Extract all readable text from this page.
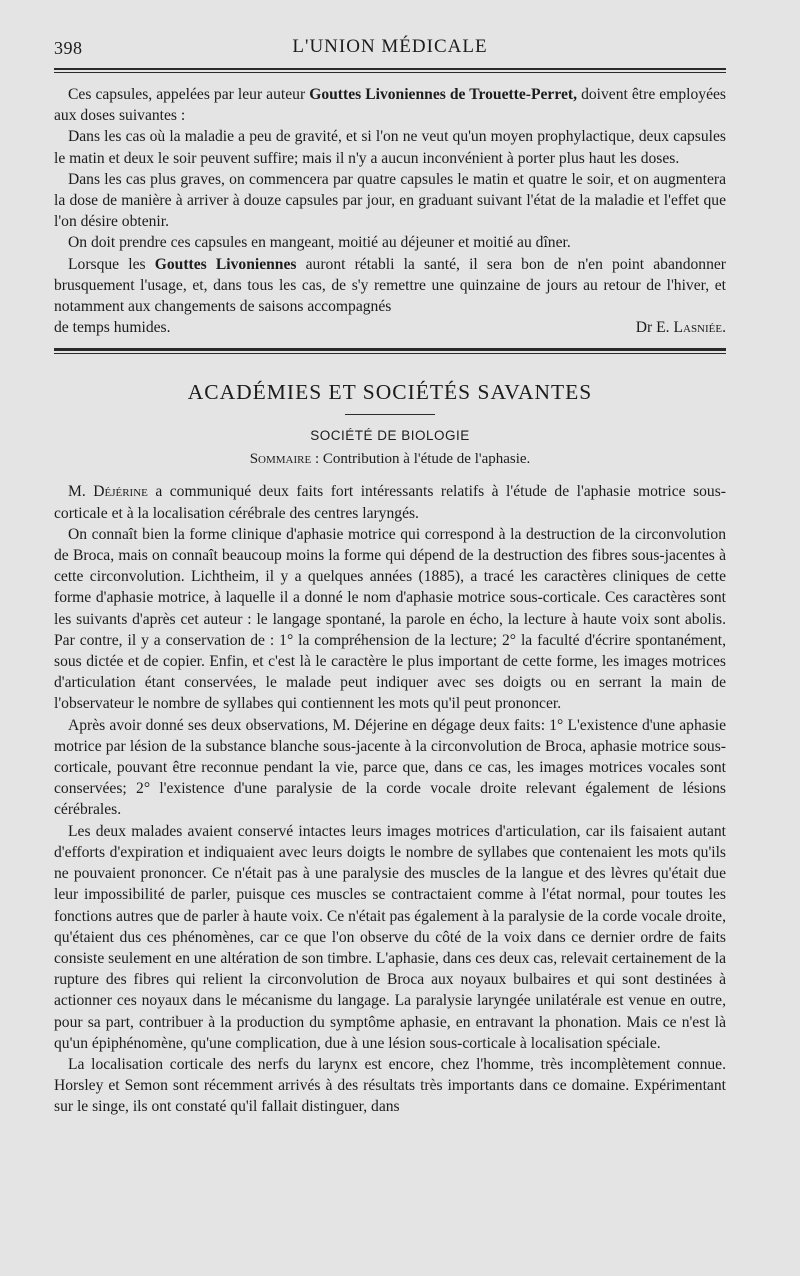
398	L'UNION MÉDICALE

Ces capsules, appelées par leur auteur Gouttes Livoniennes de Trouette-Perret, doivent être employées aux doses suivantes :

Dans les cas où la maladie a peu de gravité, et si l'on ne veut qu'un moyen prophylactique, deux capsules le matin et deux le soir peuvent suffire; mais il n'y a aucun inconvénient à porter plus haut les doses.

Dans les cas plus graves, on commencera par quatre capsules le matin et quatre le soir, et on augmentera la dose de manière à arriver à douze capsules par jour, en graduant suivant l'état de la maladie et l'effet que l'on désire obtenir.

On doit prendre ces capsules en mangeant, moitié au déjeuner et moitié au dîner.

Lorsque les Gouttes Livoniennes auront rétabli la santé, il sera bon de n'en point abandonner brusquement l'usage, et, dans tous les cas, de s'y remettre une quinzaine de jours au retour de l'hiver, et notamment aux changements de saisons accompagnés

de temps humides.	Dr E. Lasniée.
ACADÉMIES ET SOCIÉTÉS SAVANTES
SOCIÉTÉ DE BIOLOGIE
Sommaire : Contribution à l'étude de l'aphasie.

M. Déjérine a communiqué deux faits fort intéressants relatifs à l'étude de l'aphasie motrice sous-corticale et à la localisation cérébrale des centres laryngés.

On connaît bien la forme clinique d'aphasie motrice qui correspond à la destruction de la circonvolution de Broca, mais on connaît beaucoup moins la forme qui dépend de la destruction des fibres sous-jacentes à cette circonvolution. Lichtheim, il y a quelques années (1885), a tracé les caractères cliniques de cette forme d'aphasie motrice, à laquelle il a donné le nom d'aphasie motrice sous-corticale. Ces caractères sont les suivants d'après cet auteur : le langage spontané, la parole en écho, la lecture à haute voix sont abolis. Par contre, il y a conservation de : 1° la compréhension de la lecture; 2° la faculté d'écrire spontanément, sous dictée et de copier. Enfin, et c'est là le caractère le plus important de cette forme, les images motrices d'articulation étant conservées, le malade peut indiquer avec ses doigts ou en serrant la main de l'observateur le nombre de syllabes qui contiennent les mots qu'il peut prononcer.

Après avoir donné ses deux observations, M. Déjerine en dégage deux faits: 1° L'existence d'une aphasie motrice par lésion de la substance blanche sous-jacente à la circonvolution de Broca, aphasie motrice sous-corticale, pouvant être reconnue pendant la vie, parce que, dans ce cas, les images motrices vocales sont conservées; 2° l'existence d'une paralysie de la corde vocale droite relevant également de lésions cérébrales.

Les deux malades avaient conservé intactes leurs images motrices d'articulation, car ils faisaient autant d'efforts d'expiration et indiquaient avec leurs doigts le nombre de syllabes que contenaient les mots qu'ils ne pouvaient prononcer. Ce n'était pas à une paralysie des muscles de la langue et des lèvres qu'était due leur impossibilité de parler, puisque ces muscles se contractaient comme à l'état normal, pour toutes les fonctions autres que de parler à haute voix. Ce n'était pas également à la paralysie de la corde vocale droite, qu'étaient dus ces phénomènes, car ce que l'on observe du côté de la voix dans ce dernier ordre de faits consiste seulement en une altération de son timbre. L'aphasie, dans ces deux cas, relevait certainement de la rupture des fibres qui relient la circonvolution de Broca aux noyaux bulbaires et qui sont destinées à actionner ces noyaux dans le mécanisme du langage. La paralysie laryngée unilatérale est venue en outre, pour sa part, contribuer à la production du symptôme aphasie, en entravant la phonation. Mais ce n'est là qu'un épiphénomène, qu'une complication, due à une lésion sous-corticale à localisation spéciale.

La localisation corticale des nerfs du larynx est encore, chez l'homme, très incomplètement connue. Horsley et Semon sont récemment arrivés à des résultats très importants dans ce domaine. Expérimentant sur le singe, ils ont constaté qu'il fallait distinguer, dans
